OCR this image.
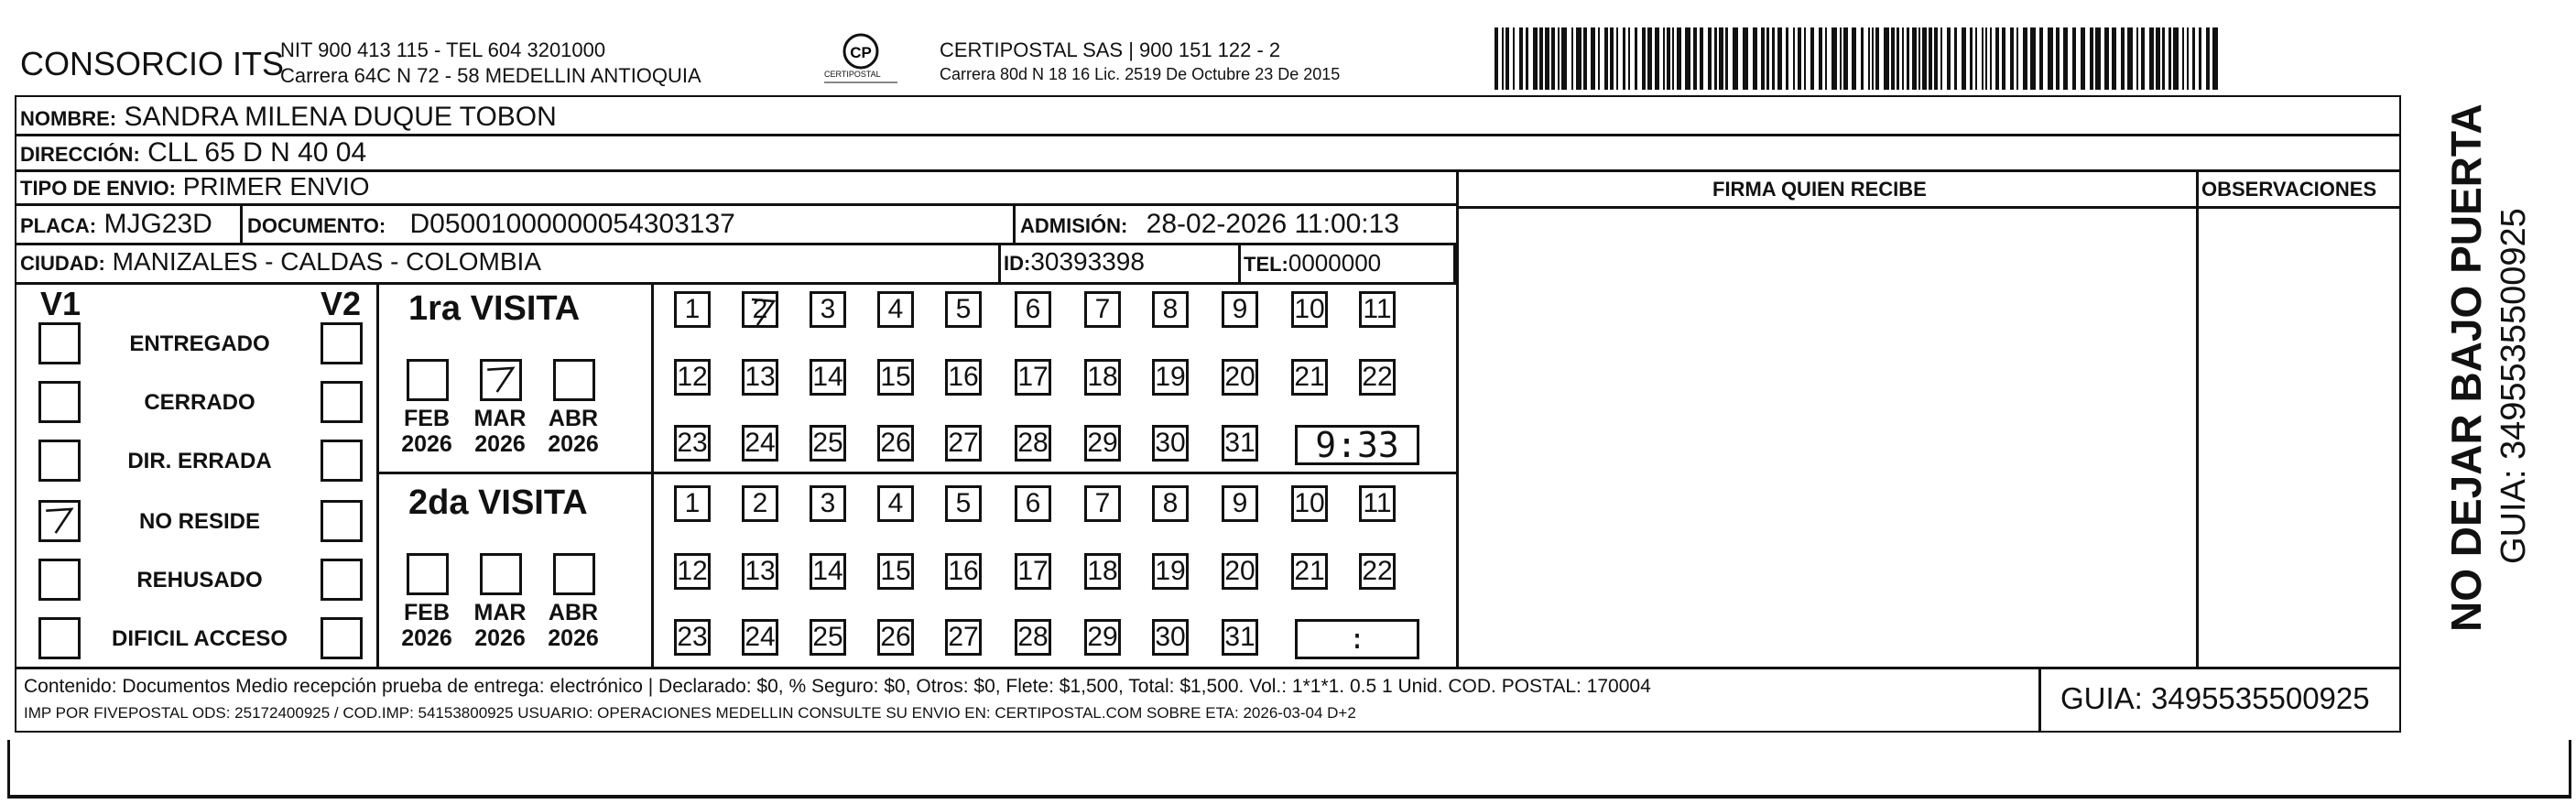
CONSORCIO ITS
NIT 900 413 115 - TEL 604 3201000
Carrera 64C N 72 - 58 MEDELLIN ANTIOQUIA
CP
CERTIPOSTAL
CERTIPOSTAL SAS | 900 151 122 - 2
Carrera 80d N 18 16 Lic. 2519 De Octubre 23 De 2015
FIRMA QUIEN RECIBE	OBSERVACIONES
NOMBRE: SANDRA MILENA DUQUE TOBON
DIRECCIÓN: CLL 65 D N 40 04
TIPO DE ENVIO: PRIMER ENVIO
PLACA: MJG23D DOCUMENTO: D05001000000054303137	ADMISIÓN: 28-02-2026 11:00:13
CIUDAD: MANIZALES - CALDAS - COLOMBIA	ID:30393398	TEL:0000000
V1	V2
ENTREGADO
CERRADO
DIR. ERRADA
NO RESIDE
REHUSADO
DIFICIL ACCESO
1ra VISITA
2da VISITA
FEB
2026
MAR
2026
ABR
2026
1 2 3 4 5 6 7 8 9 10 11
12 13 14 15 16 17 18 19 20 21 22
23 24 25 26 27 28 29 30 31	9:33
FEB
2026
MAR
2026
ABR
2026
1 2 3 4 5 6 7 8 9 10 11
12 13 14 15 16 17 18 19 20 21 22
23 24 25 26 27 28 29 30 31	:
Contenido: Documentos Medio recepción prueba de entrega: electrónico | Declarado: $0, % Seguro: $0, Otros: $0, Flete: $1,500, Total: $1,500. Vol.: 1*1*1. 0.5 1 Unid. COD. POSTAL: 170004
IMP POR FIVEPOSTAL ODS: 25172400925 / COD.IMP: 54153800925 USUARIO: OPERACIONES MEDELLIN CONSULTE SU ENVIO EN: CERTIPOSTAL.COM SOBRE ETA: 2026-03-04 D+2	GUIA: 3495535500925
NO DEJAR BAJO PUERTA GUIA: 3495535500925
